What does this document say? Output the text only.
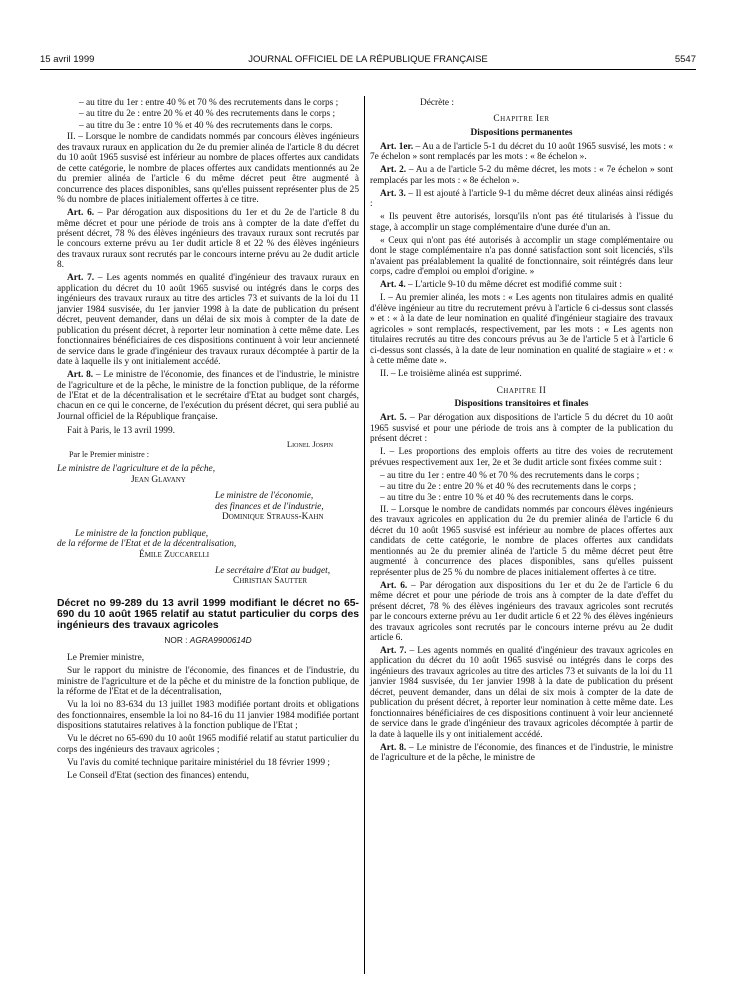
15 avril 1999	JOURNAL OFFICIEL DE LA RÉPUBLIQUE FRANÇAISE	5547

– au titre du 1er : entre 40 % et 70 % des recrutements dans le corps ;

– au titre du 2e : entre 20 % et 40 % des recrutements dans le corps ;

– au titre du 3e : entre 10 % et 40 % des recrutements dans le corps.

II. – Lorsque le nombre de candidats nommés par concours élèves ingénieurs des travaux ruraux en application du 2e du premier alinéa de l'article 8 du décret du 10 août 1965 susvisé est inférieur au nombre de places offertes aux candidats de cette catégorie, le nombre de places offertes aux candidats mentionnés au 2e du premier alinéa de l'article 6 du même décret peut être augmenté à concurrence des places disponibles, sans qu'elles puissent représenter plus de 25 % du nombre de places initialement offertes à ce titre.

Art. 6. – Par dérogation aux dispositions du 1er et du 2e de l'article 8 du même décret et pour une période de trois ans à compter de la date d'effet du présent décret, 78 % des élèves ingénieurs des travaux ruraux sont recrutés par le concours externe prévu au 1er dudit article 8 et 22 % des élèves ingénieurs des travaux ruraux sont recrutés par le concours interne prévu au 2e dudit article 8.

Art. 7. – Les agents nommés en qualité d'ingénieur des travaux ruraux en application du décret du 10 août 1965 susvisé ou intégrés dans le corps des ingénieurs des travaux ruraux au titre des articles 73 et suivants de la loi du 11 janvier 1984 susvisée, du 1er janvier 1998 à la date de publication du présent décret, peuvent demander, dans un délai de six mois à compter de la date de publication du présent décret, à reporter leur nomination à cette même date. Les fonctionnaires bénéficiaires de ces dispositions continuent à voir leur ancienneté de service dans le grade d'ingénieur des travaux ruraux décomptée à partir de la date à laquelle ils y ont initialement accédé.

Art. 8. – Le ministre de l'économie, des finances et de l'industrie, le ministre de l'agriculture et de la pêche, le ministre de la fonction publique, de la réforme de l'Etat et de la décentralisation et le secrétaire d'Etat au budget sont chargés, chacun en ce qui le concerne, de l'exécution du présent décret, qui sera publié au Journal officiel de la République française.

Fait à Paris, le 13 avril 1999.

Lionel Jospin

Par le Premier ministre :

Le ministre de l'agriculture et de la pêche,

Jean Glavany

Le ministre de l'économie,

des finances et de l'industrie,

Dominique Strauss-Kahn

Le ministre de la fonction publique,

de la réforme de l'Etat et de la décentralisation,

Émile Zuccarelli

Le secrétaire d'Etat au budget,

Christian Sautter

Décret no 99-289 du 13 avril 1999 modifiant le décret no 65-690 du 10 août 1965 relatif au statut particulier du corps des ingénieurs des travaux agricoles

NOR : AGRA9900614D

Le Premier ministre,

Sur le rapport du ministre de l'économie, des finances et de l'industrie, du ministre de l'agriculture et de la pêche et du ministre de la fonction publique, de la réforme de l'Etat et de la décentralisation,

Vu la loi no 83-634 du 13 juillet 1983 modifiée portant droits et obligations des fonctionnaires, ensemble la loi no 84-16 du 11 janvier 1984 modifiée portant dispositions statutaires relatives à la fonction publique de l'Etat ;

Vu le décret no 65-690 du 10 août 1965 modifié relatif au statut particulier du corps des ingénieurs des travaux agricoles ;

Vu l'avis du comité technique paritaire ministériel du 18 février 1999 ;

Le Conseil d'Etat (section des finances) entendu,

Décrète :

Chapitre Ier

Dispositions permanentes

Art. 1er. – Au a de l'article 5-1 du décret du 10 août 1965 susvisé, les mots : « 7e échelon » sont remplacés par les mots : « 8e échelon ».

Art. 2. – Au a de l'article 5-2 du même décret, les mots : « 7e échelon » sont remplacés par les mots : « 8e échelon ».

Art. 3. – Il est ajouté à l'article 9-1 du même décret deux alinéas ainsi rédigés :

« Ils peuvent être autorisés, lorsqu'ils n'ont pas été titularisés à l'issue du stage, à accomplir un stage complémentaire d'une durée d'un an.

« Ceux qui n'ont pas été autorisés à accomplir un stage complémentaire ou dont le stage complémentaire n'a pas donné satisfaction sont soit licenciés, s'ils n'avaient pas préalablement la qualité de fonctionnaire, soit réintégrés dans leur corps, cadre d'emploi ou emploi d'origine. »

Art. 4. – L'article 9-10 du même décret est modifié comme suit :

I. – Au premier alinéa, les mots : « Les agents non titulaires admis en qualité d'élève ingénieur au titre du recrutement prévu à l'article 6 ci-dessus sont classés » et : « à la date de leur nomination en qualité d'ingénieur stagiaire des travaux agricoles » sont remplacés, respectivement, par les mots : « Les agents non titulaires recrutés au titre des concours prévus au 3e de l'article 5 et à l'article 6 ci-dessus sont classés, à la date de leur nomination en qualité de stagiaire » et : « à cette même date ».

II. – Le troisième alinéa est supprimé.

Chapitre II

Dispositions transitoires et finales

Art. 5. – Par dérogation aux dispositions de l'article 5 du décret du 10 août 1965 susvisé et pour une période de trois ans à compter de la publication du présent décret :

I. – Les proportions des emplois offerts au titre des voies de recrutement prévues respectivement aux 1er, 2e et 3e dudit article sont fixées comme suit :

– au titre du 1er : entre 40 % et 70 % des recrutements dans le corps ;

– au titre du 2e : entre 20 % et 40 % des recrutements dans le corps ;

– au titre du 3e : entre 10 % et 40 % des recrutements dans le corps.

II. – Lorsque le nombre de candidats nommés par concours élèves ingénieurs des travaux agricoles en application du 2e du premier alinéa de l'article 6 du décret du 10 août 1965 susvisé est inférieur au nombre de places offertes aux candidats de cette catégorie, le nombre de places offertes aux candidats mentionnés au 2e du premier alinéa de l'article 5 du même décret peut être augmenté à concurrence des places disponibles, sans qu'elles puissent représenter plus de 25 % du nombre de places initialement offertes à ce titre.

Art. 6. – Par dérogation aux dispositions du 1er et du 2e de l'article 6 du même décret et pour une période de trois ans à compter de la date d'effet du présent décret, 78 % des élèves ingénieurs des travaux agricoles sont recrutés par le concours externe prévu au 1er dudit article 6 et 22 % des élèves ingénieurs des travaux agricoles sont recrutés par le concours interne prévu au 2e dudit article 6.

Art. 7. – Les agents nommés en qualité d'ingénieur des travaux agricoles en application du décret du 10 août 1965 susvisé ou intégrés dans le corps des ingénieurs des travaux agricoles au titre des articles 73 et suivants de la loi du 11 janvier 1984 susvisée, du 1er janvier 1998 à la date de publication du présent décret, peuvent demander, dans un délai de six mois à compter de la date de publication du présent décret, à reporter leur nomination à cette même date. Les fonctionnaires bénéficiaires de ces dispositions continuent à voir leur ancienneté de service dans le grade d'ingénieur des travaux agricoles décomptée à partir de la date à laquelle ils y ont initialement accédé.

Art. 8. – Le ministre de l'économie, des finances et de l'industrie, le ministre de l'agriculture et de la pêche, le ministre de
